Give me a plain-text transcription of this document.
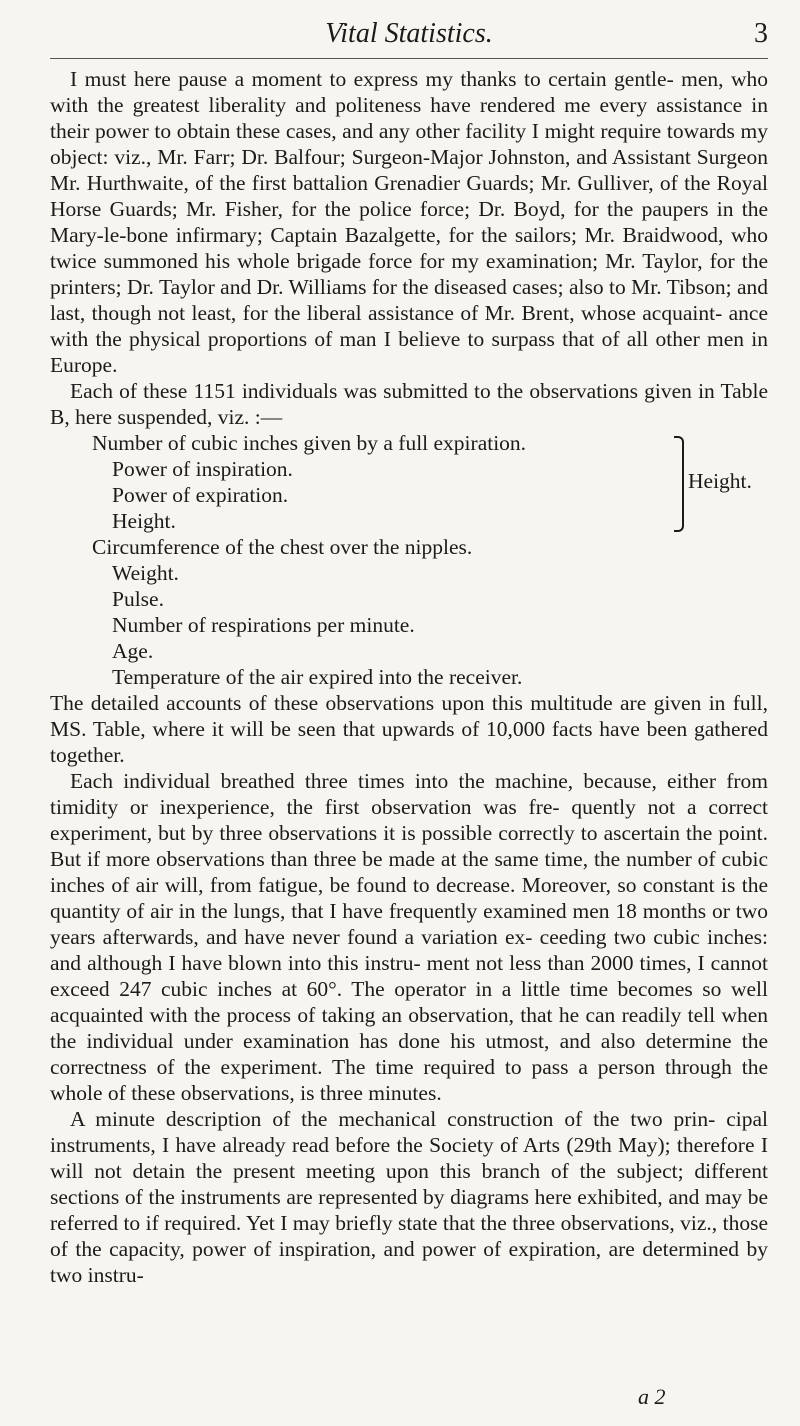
Vital Statistics.	3

I must here pause a moment to express my thanks to certain gentle- men, who with the greatest liberality and politeness have rendered me every assistance in their power to obtain these cases, and any other facility I might require towards my object: viz., Mr. Farr; Dr. Balfour; Surgeon-Major Johnston, and Assistant Surgeon Mr. Hurthwaite, of the first battalion Grenadier Guards; Mr. Gulliver, of the Royal Horse Guards; Mr. Fisher, for the police force; Dr. Boyd, for the paupers in the Mary-le-bone infirmary; Captain Bazalgette, for the sailors; Mr. Braidwood, who twice summoned his whole brigade force for my examination; Mr. Taylor, for the printers; Dr. Taylor and Dr. Williams for the diseased cases; also to Mr. Tibson; and last, though not least, for the liberal assistance of Mr. Brent, whose acquaint- ance with the physical proportions of man I believe to surpass that of all other men in Europe.

Each of these 1151 individuals was submitted to the observations given in Table B, here suspended, viz. :—

Number of cubic inches given by a full expiration.
Power of inspiration.
Power of expiration.
Height.
Height.
Circumference of the chest over the nipples.
Weight.
Pulse.
Number of respirations per minute.
Age.
Temperature of the air expired into the receiver.

The detailed accounts of these observations upon this multitude are given in full, MS. Table, where it will be seen that upwards of 10,000 facts have been gathered together.

Each individual breathed three times into the machine, because, either from timidity or inexperience, the first observation was fre- quently not a correct experiment, but by three observations it is possible correctly to ascertain the point. But if more observations than three be made at the same time, the number of cubic inches of air will, from fatigue, be found to decrease. Moreover, so constant is the quantity of air in the lungs, that I have frequently examined men 18 months or two years afterwards, and have never found a variation ex- ceeding two cubic inches: and although I have blown into this instru- ment not less than 2000 times, I cannot exceed 247 cubic inches at 60°. The operator in a little time becomes so well acquainted with the process of taking an observation, that he can readily tell when the individual under examination has done his utmost, and also determine the correctness of the experiment. The time required to pass a person through the whole of these observations, is three minutes.

A minute description of the mechanical construction of the two prin- cipal instruments, I have already read before the Society of Arts (29th May); therefore I will not detain the present meeting upon this branch of the subject; different sections of the instruments are represented by diagrams here exhibited, and may be referred to if required. Yet I may briefly state that the three observations, viz., those of the capacity, power of inspiration, and power of expiration, are determined by two instru-

a 2
